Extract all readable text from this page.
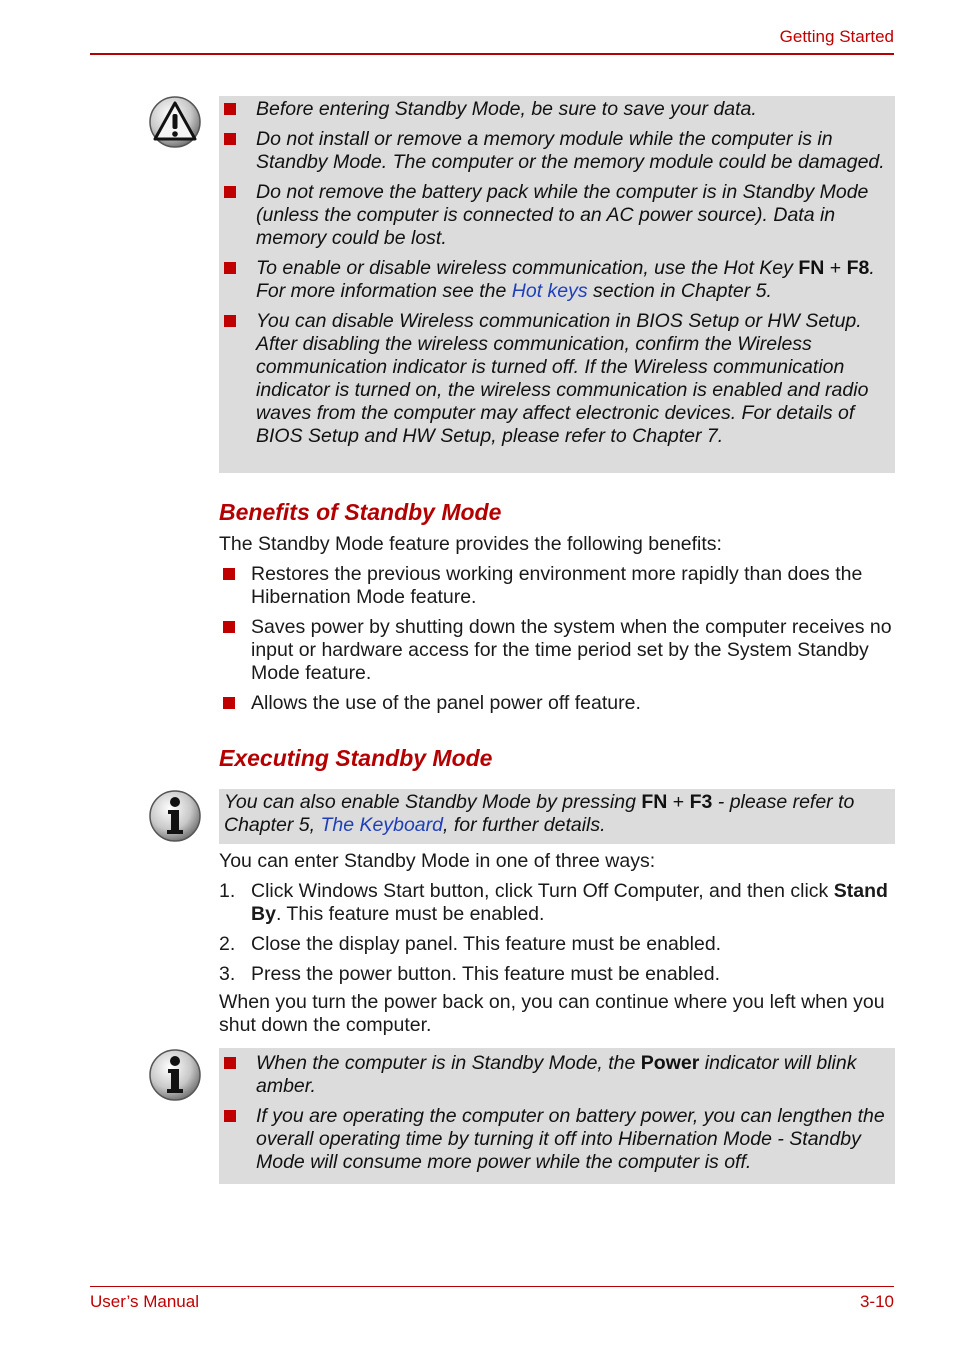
Getting Started
Before entering Standby Mode, be sure to save your data.
Do not install or remove a memory module while the computer is in Standby Mode. The computer or the memory module could be damaged.
Do not remove the battery pack while the computer is in Standby Mode (unless the computer is connected to an AC power source). Data in memory could be lost.
To enable or disable wireless communication, use the Hot Key FN + F8. For more information see the Hot keys section in Chapter 5.
You can disable Wireless communication in BIOS Setup or HW Setup. After disabling the wireless communication, confirm the Wireless communication indicator is turned off. If the Wireless communication indicator is turned on, the wireless communication is enabled and radio waves from the computer may affect electronic devices. For details of BIOS Setup and HW Setup, please refer to Chapter 7.
Benefits of Standby Mode
The Standby Mode feature provides the following benefits:
Restores the previous working environment more rapidly than does the Hibernation Mode feature.
Saves power by shutting down the system when the computer receives no input or hardware access for the time period set by the System Standby Mode feature.
Allows the use of the panel power off feature.
Executing Standby Mode
You can also enable Standby Mode by pressing FN + F3 - please refer to Chapter 5, The Keyboard, for further details.
You can enter Standby Mode in one of three ways:
1. Click Windows Start button, click Turn Off Computer, and then click Stand By. This feature must be enabled.
2. Close the display panel. This feature must be enabled.
3. Press the power button. This feature must be enabled.
When you turn the power back on, you can continue where you left when you shut down the computer.
When the computer is in Standby Mode, the Power indicator will blink amber.
If you are operating the computer on battery power, you can lengthen the overall operating time by turning it off into Hibernation Mode - Standby Mode will consume more power while the computer is off.
User’s Manual	3-10
